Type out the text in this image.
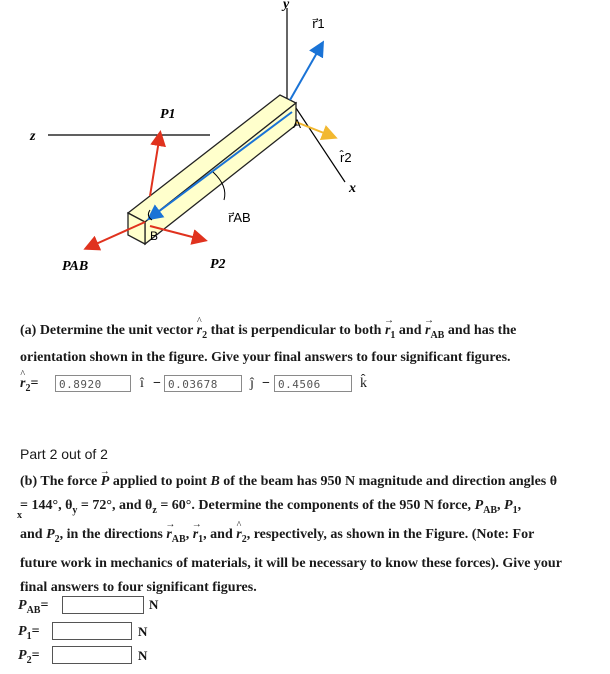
y
z
x
A
B
r⃗1
r̂2
r⃗AB
PAB
P1
P2
(a) Determine the unit vector ^ $r_2$ that is perpendicular to both → $r_1$ and → $r_{AB}$ and has the
orientation shown in the figure. Give your final answers to four significant figures.
^ $r_2=$	0.8920	î − 0.03678	ĵ − 0.4506	k̂
Part 2 out of 2
(b) The force → P applied to point B of the beam has 950 N magnitude and direction angles θ

x
= 144°, $\theta_y = 72^\circ$, and $\theta_z = 60^\circ$. Determine the components of the 950 N force, $P_{AB}$, $P_1$,
and $P_2$, in the directions → $r_{AB}$, → $r_1$, and ^ $r_2$, respectively, as shown in the Figure. (Note: For
future work in mechanics of materials, it will be necessary to know these forces). Give your
final answers to four significant figures.
$P_{AB}=$	N
$P_1=$	N
$P_2=$	N
